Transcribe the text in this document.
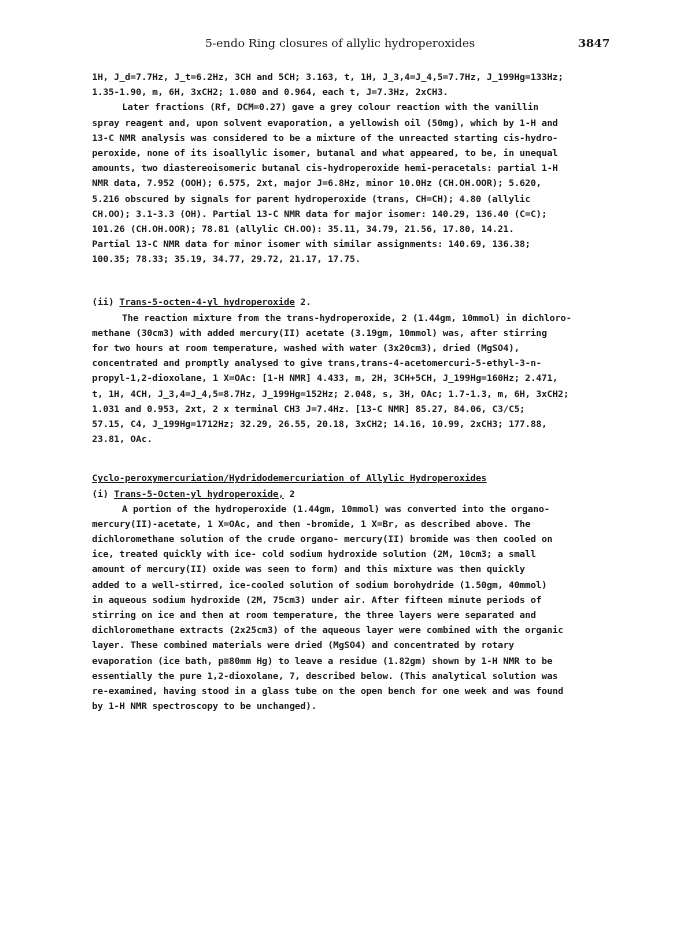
5-endo Ring closures of allylic hydroperoxides	3847
1H, J_d=7.7Hz, J_t=6.2Hz, 3CH and 5CH; 3.163, t, 1H, J_3,4=J_4,5=7.7Hz, J_199Hg=133Hz;
1.35-1.90, m, 6H, 3xCH2; 1.080 and 0.964, each t, J=7.3Hz, 2xCH3.
Later fractions (Rf, DCM=0.27) gave a grey colour reaction with the vanillin
spray reagent and, upon solvent evaporation, a yellowish oil (50mg), which by 1-H and
13-C NMR analysis was considered to be a mixture of the unreacted starting cis-hydro-
peroxide, none of its isoallylic isomer, butanal and what appeared, to be, in unequal
amounts, two diastereoisomeric butanal cis-hydroperoxide hemi-peracetals: partial 1-H
NMR data, 7.952 (OOH); 6.575, 2xt, major J=6.8Hz, minor 10.0Hz (CH.OH.OOR); 5.620,
5.216 obscured by signals for parent hydroperoxide (trans, CH=CH); 4.80 (allylic
CH.OO); 3.1-3.3 (OH). Partial 13-C NMR data for major isomer: 140.29, 136.40 (C=C);
101.26 (CH.OH.OOR); 78.81 (allylic CH.OO): 35.11, 34.79, 21.56, 17.80, 14.21.
Partial 13-C NMR data for minor isomer with similar assignments: 140.69, 136.38;
100.35; 78.33; 35.19, 34.77, 29.72, 21.17, 17.75.
(ii) Trans-5-octen-4-yl hydroperoxide 2.
The reaction mixture from the trans-hydroperoxide, 2 (1.44gm, 10mmol) in dichloro-
methane (30cm3) with added mercury(II) acetate (3.19gm, 10mmol) was, after stirring
for two hours at room temperature, washed with water (3x20cm3), dried (MgSO4),
concentrated and promptly analysed to give trans,trans-4-acetomercuri-5-ethyl-3-n-
propyl-1,2-dioxolane, 1 X=OAc: [1-H NMR] 4.433, m, 2H, 3CH+5CH, J_199Hg=160Hz; 2.471,
t, 1H, 4CH, J_3,4=J_4,5=8.7Hz, J_199Hg=152Hz; 2.048, s, 3H, OAc; 1.7-1.3, m, 6H, 3xCH2;
1.031 and 0.953, 2xt, 2 x terminal CH3 J=7.4Hz. [13-C NMR] 85.27, 84.06, C3/C5;
57.15, C4, J_199Hg=1712Hz; 32.29, 26.55, 20.18, 3xCH2; 14.16, 10.99, 2xCH3; 177.88,
23.81, OAc.
Cyclo-peroxymercuriation/Hydridodemercuriation of Allylic Hydroperoxides
(i) Trans-5-Octen-yl hydroperoxide, 2
A portion of the hydroperoxide (1.44gm, 10mmol) was converted into the organo-
mercury(II)-acetate, 1 X=OAc, and then -bromide, 1 X=Br, as described above. The
dichloromethane solution of the crude organo- mercury(II) bromide was then cooled on
ice, treated quickly with ice- cold sodium hydroxide solution (2M, 10cm3; a small
amount of mercury(II) oxide was seen to form) and this mixture was then quickly
added to a well-stirred, ice-cooled solution of sodium borohydride (1.50gm, 40mmol)
in aqueous sodium hydroxide (2M, 75cm3) under air. After fifteen minute periods of
stirring on ice and then at room temperature, the three layers were separated and
dichloromethane extracts (2x25cm3) of the aqueous layer were combined with the organic
layer. These combined materials were dried (MgSO4) and concentrated by rotary
evaporation (ice bath, p≅80mm Hg) to leave a residue (1.82gm) shown by 1-H NMR to be
essentially the pure 1,2-dioxolane, 7, described below. (This analytical solution was
re-examined, having stood in a glass tube on the open bench for one week and was found
by 1-H NMR spectroscopy to be unchanged).
